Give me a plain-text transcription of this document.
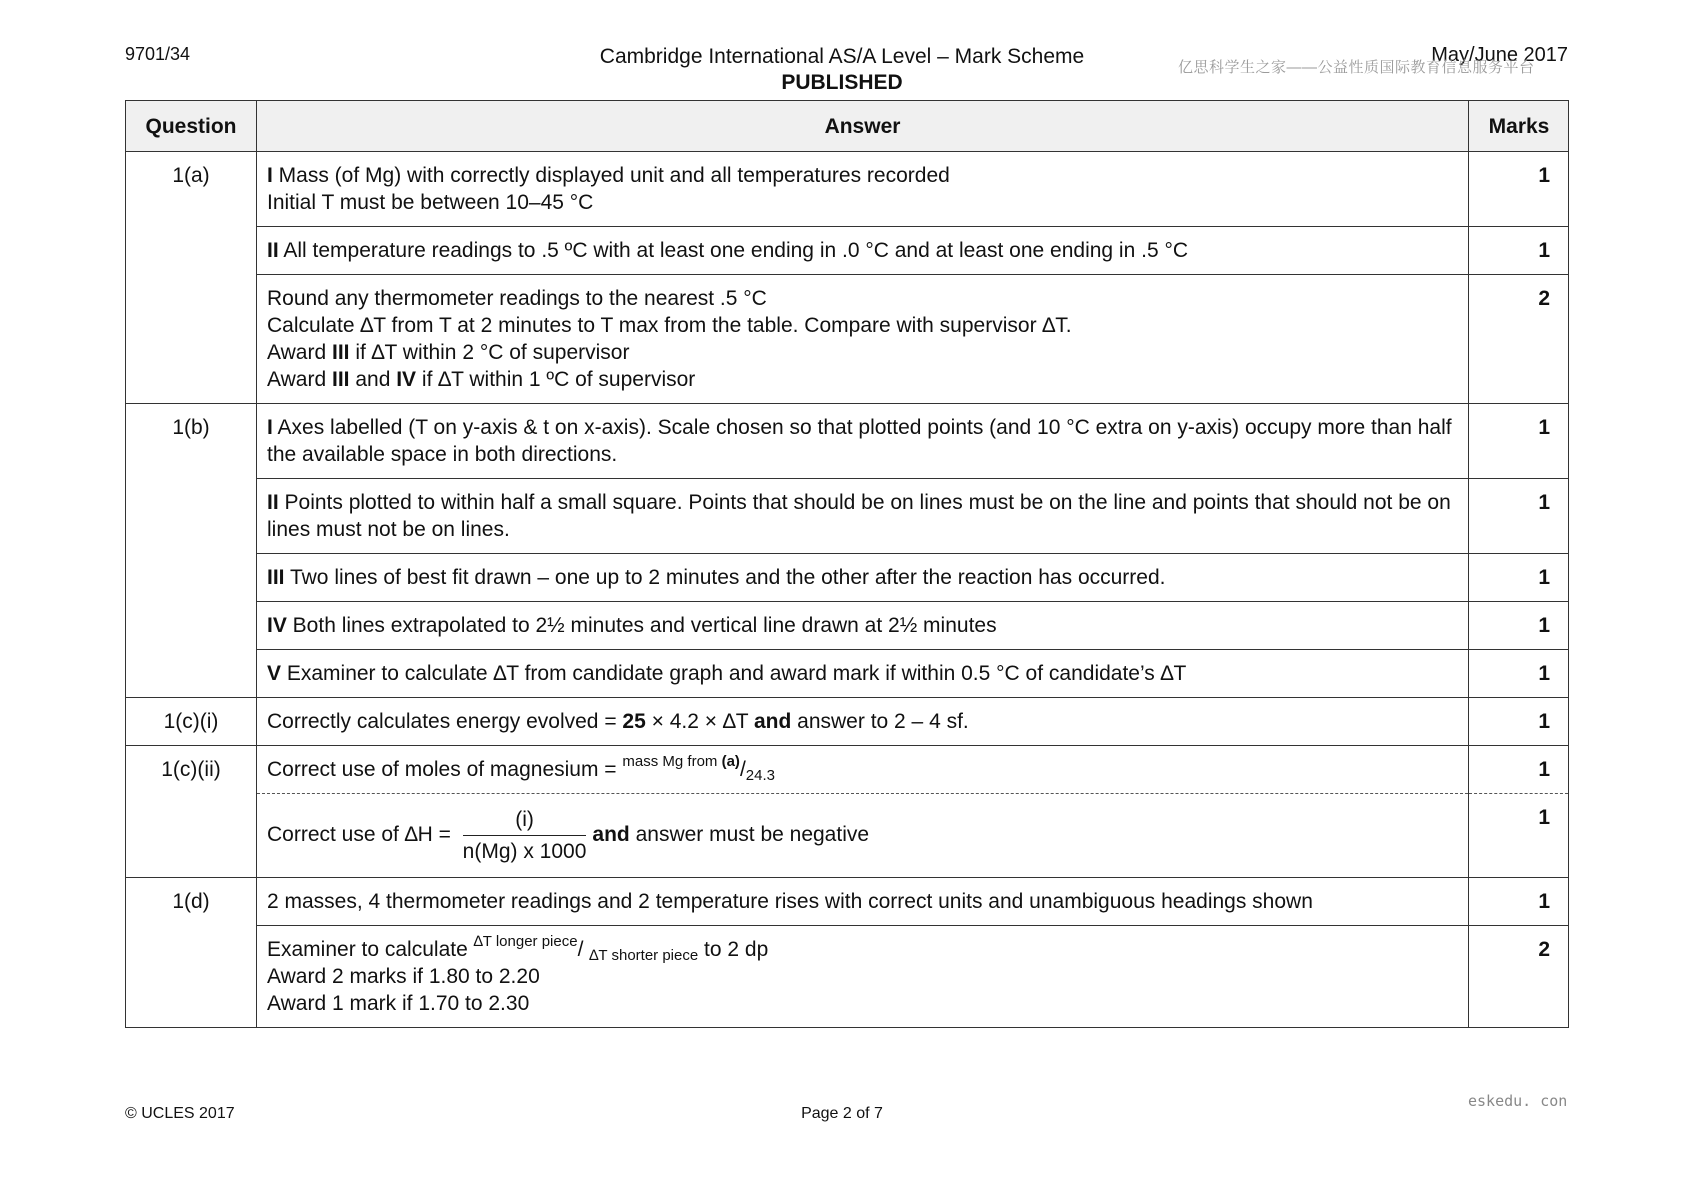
9701/34	Cambridge International AS/A Level – Mark Scheme
PUBLISHED
May/June 2017
亿思科学生之家——公益性质国际教育信息服务平台
Question	Answer	Marks
1(a)	I Mass (of Mg) with correctly displayed unit and all temperatures recorded
Initial T must be between 10–45 °C	1
	II All temperature readings to .5 ºC with at least one ending in .0 °C and at least one ending in .5 °C	1

	Round any thermometer readings to the nearest .5 °C
Calculate ∆T from T at 2 minutes to T max from the table. Compare with supervisor ∆T.
Award III if ∆T within 2 °C of supervisor
Award III and IV if ∆T within 1 ºC of supervisor	2
1(b)	I Axes labelled (T on y-axis & t on x-axis). Scale chosen so that plotted points (and 10 °C extra on y-axis) occupy more than half the available space in both directions.	1
	II Points plotted to within half a small square. Points that should be on lines must be on the line and points that should not be on lines must not be on lines.	1
	III Two lines of best fit drawn – one up to 2 minutes and the other after the reaction has occurred.	1
	IV Both lines extrapolated to 2½ minutes and vertical line drawn at 2½ minutes	1
	V Examiner to calculate ∆T from candidate graph and award mark if within 0.5 °C of candidate’s ∆T	1
1(c)(i)	Correctly calculates energy evolved = 25 × 4.2 × ∆T and answer to 2 – 4 sf.	1
1(c)(ii)	Correct use of moles of magnesium = $^{mass Mg from (a)}/_{24.3}$	1
	Correct use of $\Delta H = \frac{(i)}{n(Mg) x 1000}$ and answer must be negative	1
1(d)	2 masses, 4 thermometer readings and 2 temperature rises with correct units and unambiguous headings shown	1

	Examiner to calculate $^{\Delta T longer piece}$/ $_{\Delta T shorter piece}$ to 2 dp
Award 2 marks if 1.80 to 2.20
Award 1 mark if 1.70 to 2.30	2
eskedu. con
© UCLES 2017	Page 2 of 7
